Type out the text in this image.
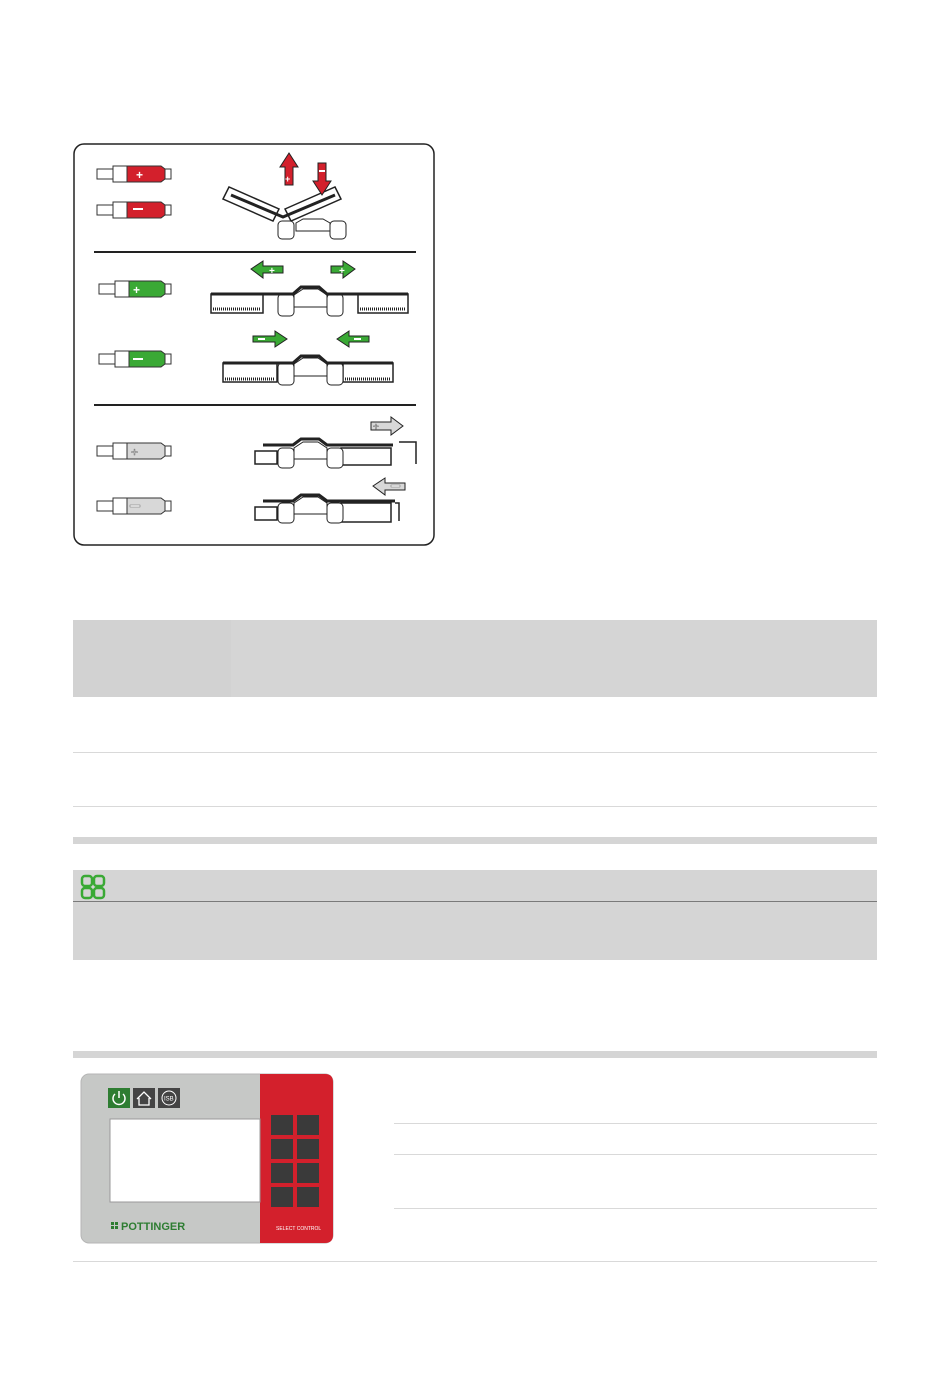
+
+
+
+
+	+
+
ISB
POTTINGER	SELECT CONTROL
